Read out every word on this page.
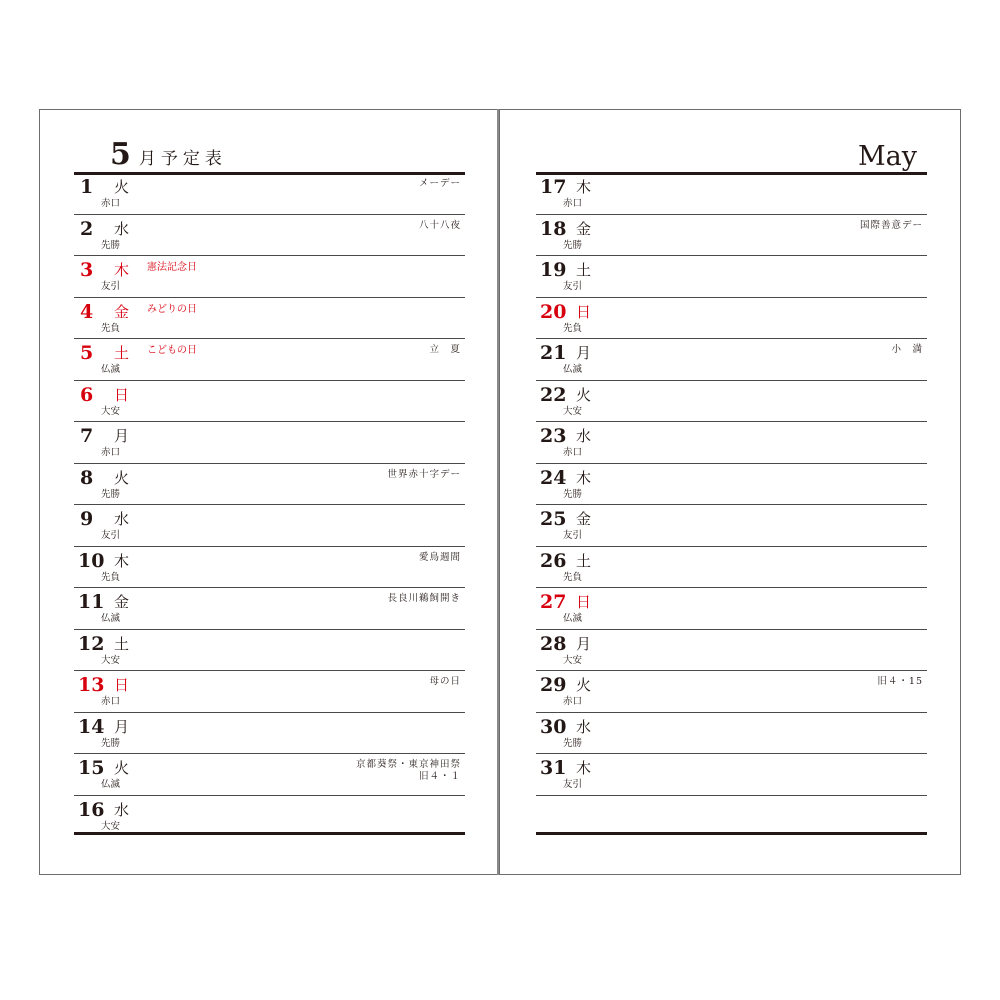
5 月予定表	May
1 火
赤口
メーデー
2 水
先勝
八十八夜
3 木
友引
憲法記念日
4 金
先負
みどりの日
5 土
仏滅
こどもの日	立　夏
6 日
大安
7 月
赤口
8 火
先勝
世界赤十字デー
9 水
友引
10 木
先負
愛鳥週間
11 金
仏滅
長良川鵜飼開き
12 土
大安
13 日
赤口
母の日
14 月
先勝
15 火
仏滅
京都葵祭・東京神田祭
旧４・１
16 水
大安
17 木
赤口
18 金
先勝
国際善意デー
19 土
友引
20 日
先負
21 月
仏滅
小　満
22 火
大安
23 水
赤口
24 木
先勝
25 金
友引
26 土
先負
27 日
仏滅
28 月
大安
29 火
赤口
旧４・15
30 水
先勝
31 木
友引
